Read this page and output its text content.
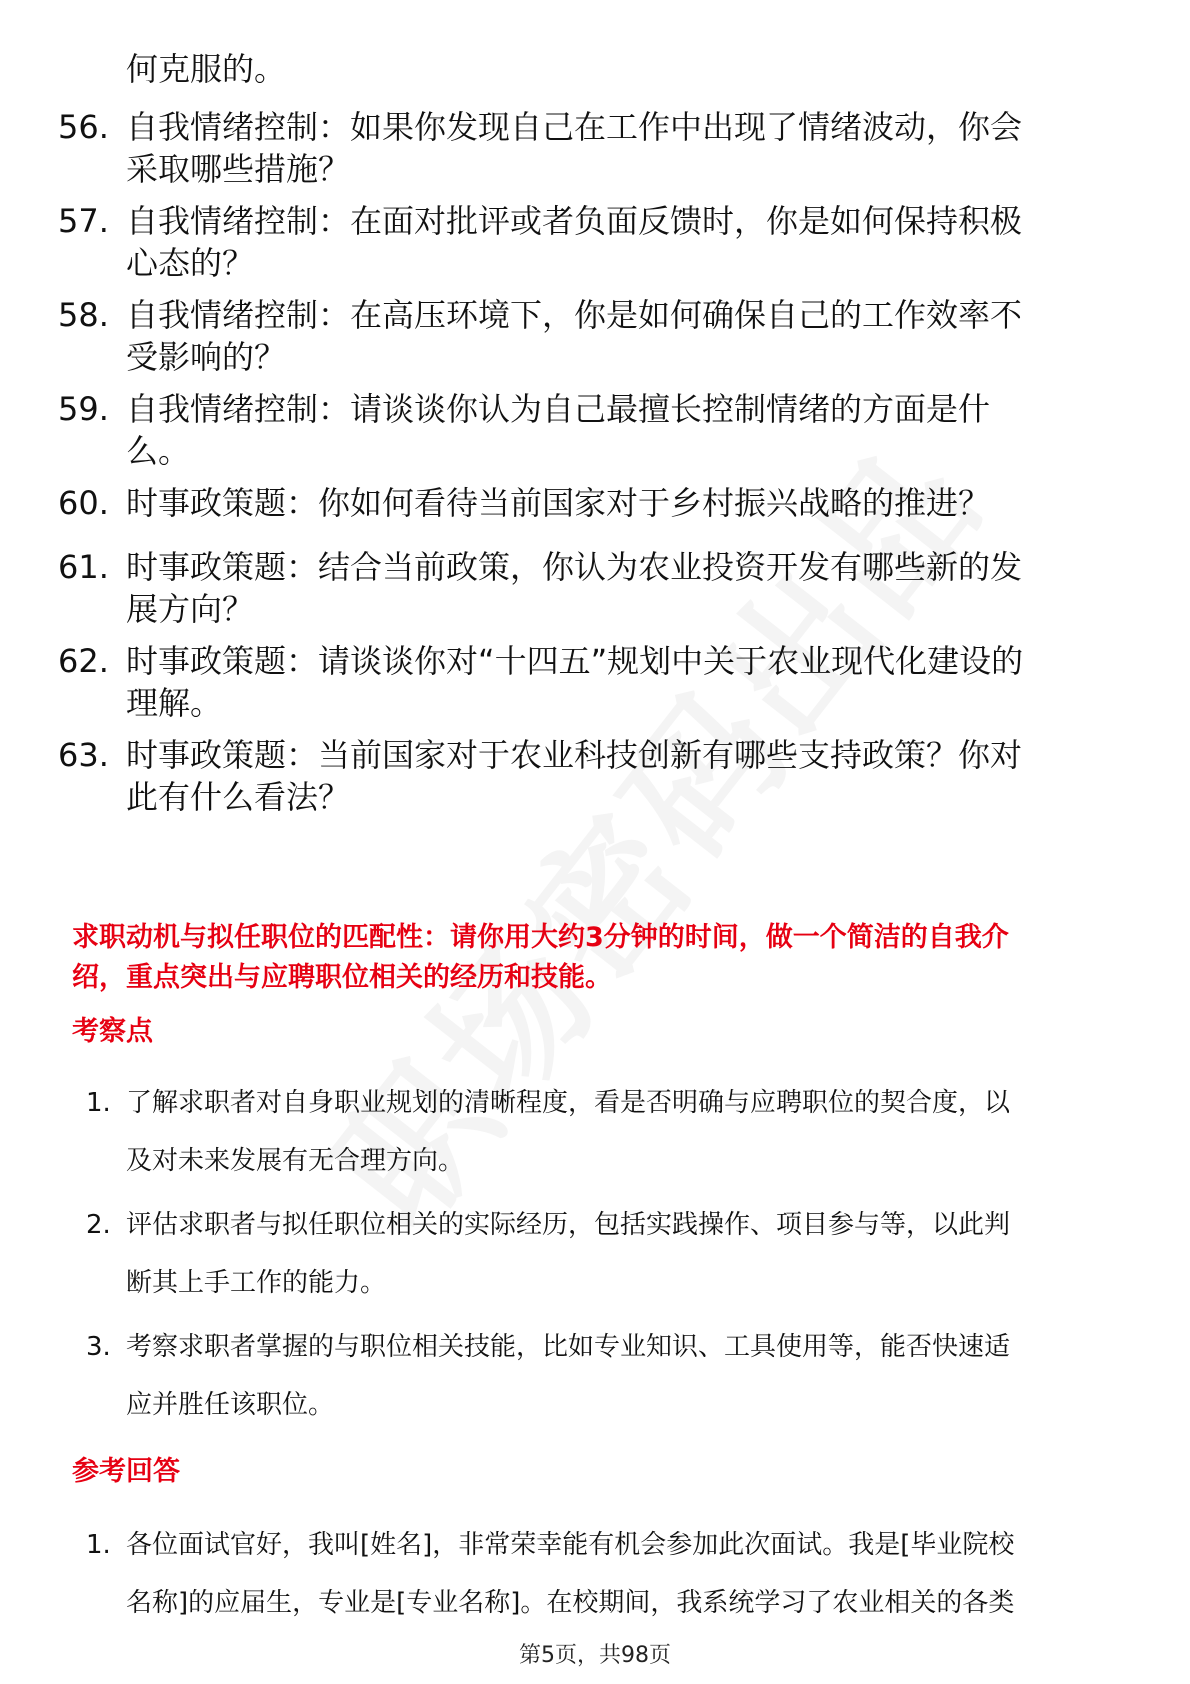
何克服的。
56. 自我情绪控制：如果你发现自己在工作中出现了情绪波动，你会
采取哪些措施？
57. 自我情绪控制：在面对批评或者负面反馈时，你是如何保持积极
心态的？
58. 自我情绪控制：在高压环境下，你是如何确保自己的工作效率不
受影响的？
59. 自我情绪控制：请谈谈你认为自己最擅长控制情绪的方面是什
么。
60. 时事政策题：你如何看待当前国家对于乡村振兴战略的推进？
61. 时事政策题：结合当前政策，你认为农业投资开发有哪些新的发
展方向？
62. 时事政策题：请谈谈你对“十四五”规划中关于农业现代化建设的
理解。
63. 时事政策题：当前国家对于农业科技创新有哪些支持政策？你对
此有什么看法？
求职动机与拟任职位的匹配性：请你用大约3分钟的时间，做一个简洁的自我介
绍，重点突出与应聘职位相关的经历和技能。
考察点
1. 了解求职者对自身职业规划的清晰程度，看是否明确与应聘职位的契合度，以
及对未来发展有无合理方向。
2. 评估求职者与拟任职位相关的实际经历，包括实践操作、项目参与等，以此判
断其上手工作的能力。
3. 考察求职者掌握的与职位相关技能，比如专业知识、工具使用等，能否快速适
应并胜任该职位。
参考回答
1. 各位面试官好，我叫[姓名]，非常荣幸能有机会参加此次面试。我是[毕业院校
名称]的应届生，专业是[专业名称]。在校期间，我系统学习了农业相关的各类
第5页，共98页
